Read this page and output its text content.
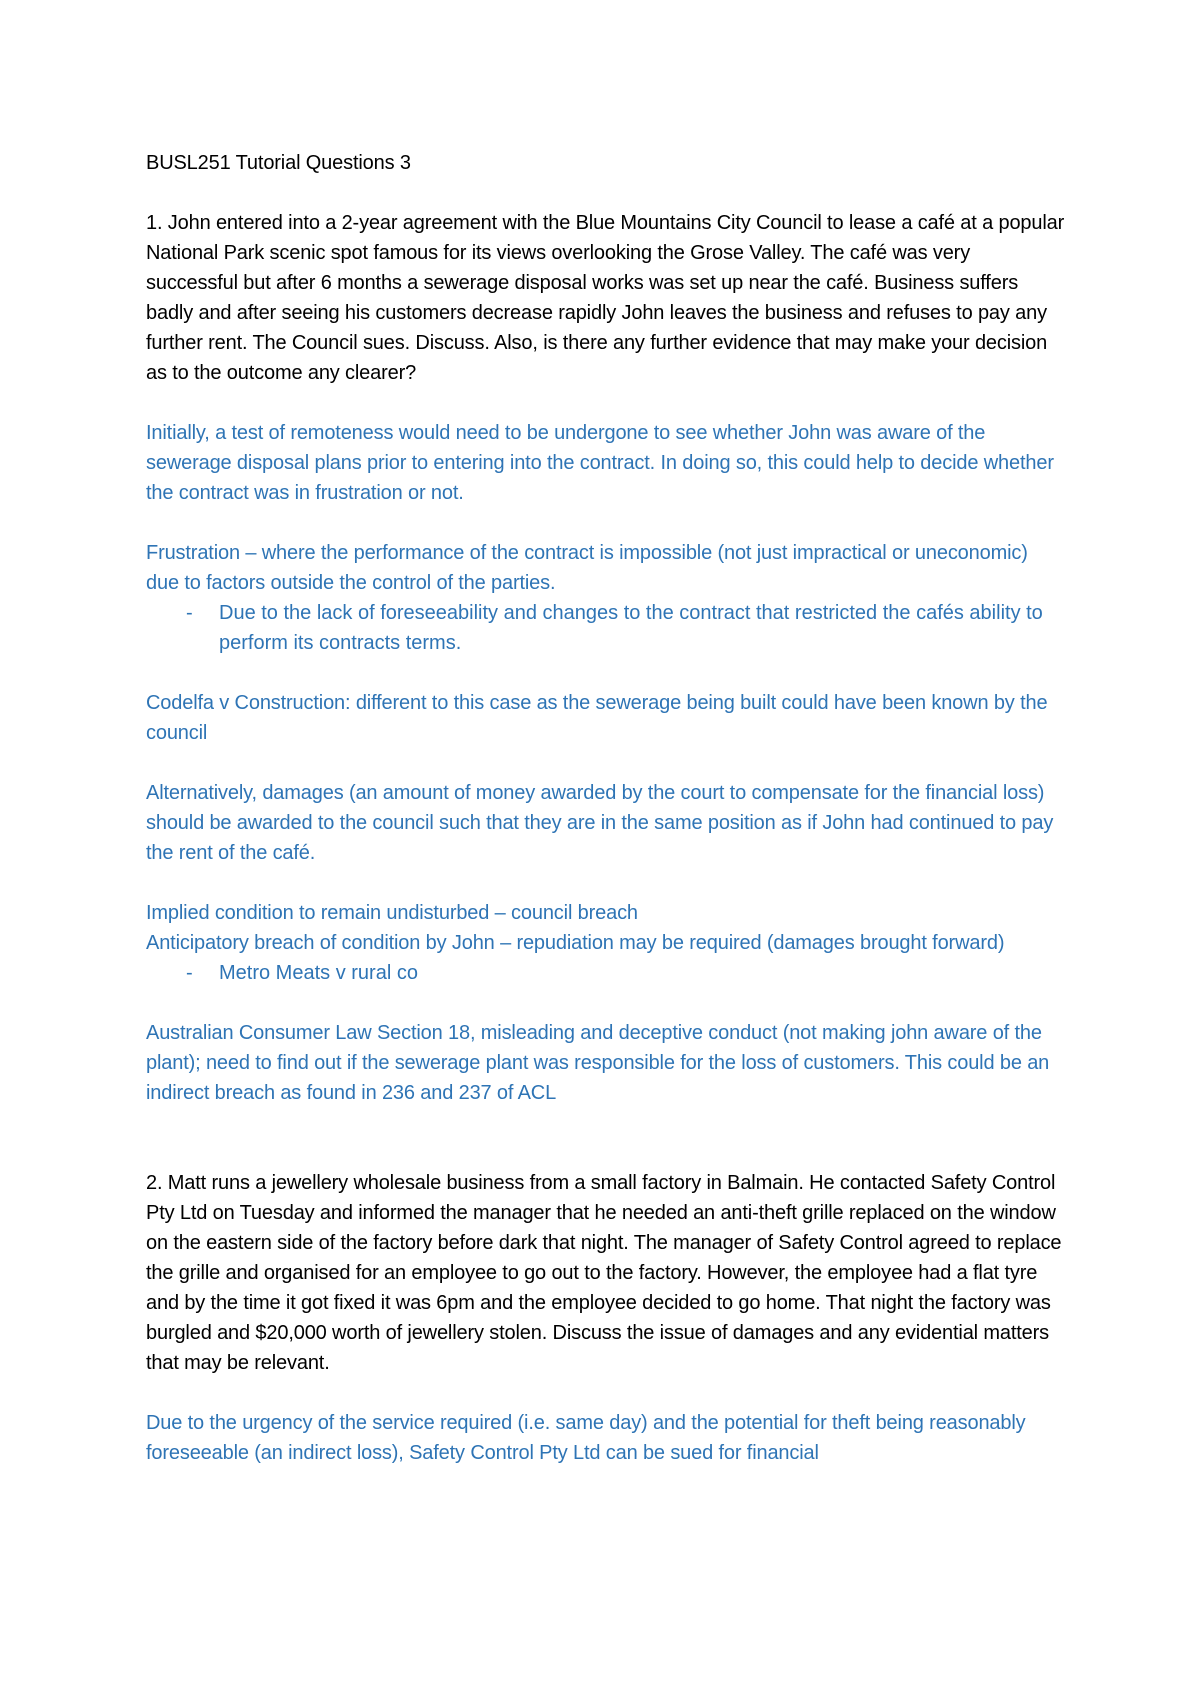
BUSL251 Tutorial Questions 3

1. John entered into a 2-year agreement with the Blue Mountains City Council to lease a café at a popular National Park scenic spot famous for its views overlooking the Grose Valley. The café was very successful but after 6 months a sewerage disposal works was set up near the café. Business suffers badly and after seeing his customers decrease rapidly John leaves the business and refuses to pay any further rent. The Council sues. Discuss. Also, is there any further evidence that may make your decision as to the outcome any clearer?

Initially, a test of remoteness would need to be undergone to see whether John was aware of the sewerage disposal plans prior to entering into the contract. In doing so, this could help to decide whether the contract was in frustration or not.

Frustration – where the performance of the contract is impossible (not just impractical or uneconomic) due to factors outside the control of the parties.

- Due to the lack of foreseeability and changes to the contract that restricted the cafés ability to perform its contracts terms.

Codelfa v Construction: different to this case as the sewerage being built could have been known by the council

Alternatively, damages (an amount of money awarded by the court to compensate for the financial loss) should be awarded to the council such that they are in the same position as if John had continued to pay the rent of the café.

Implied condition to remain undisturbed – council breach

Anticipatory breach of condition by John – repudiation may be required (damages brought forward)

- Metro Meats v rural co

Australian Consumer Law Section 18, misleading and deceptive conduct (not making john aware of the plant); need to find out if the sewerage plant was responsible for the loss of customers. This could be an indirect breach as found in 236 and 237 of ACL

2. Matt runs a jewellery wholesale business from a small factory in Balmain. He contacted Safety Control Pty Ltd on Tuesday and informed the manager that he needed an anti-theft grille replaced on the window on the eastern side of the factory before dark that night. The manager of Safety Control agreed to replace the grille and organised for an employee to go out to the factory. However, the employee had a flat tyre and by the time it got fixed it was 6pm and the employee decided to go home. That night the factory was burgled and $20,000 worth of jewellery stolen. Discuss the issue of damages and any evidential matters that may be relevant.

Due to the urgency of the service required (i.e. same day) and the potential for theft being reasonably foreseeable (an indirect loss), Safety Control Pty Ltd can be sued for financial
